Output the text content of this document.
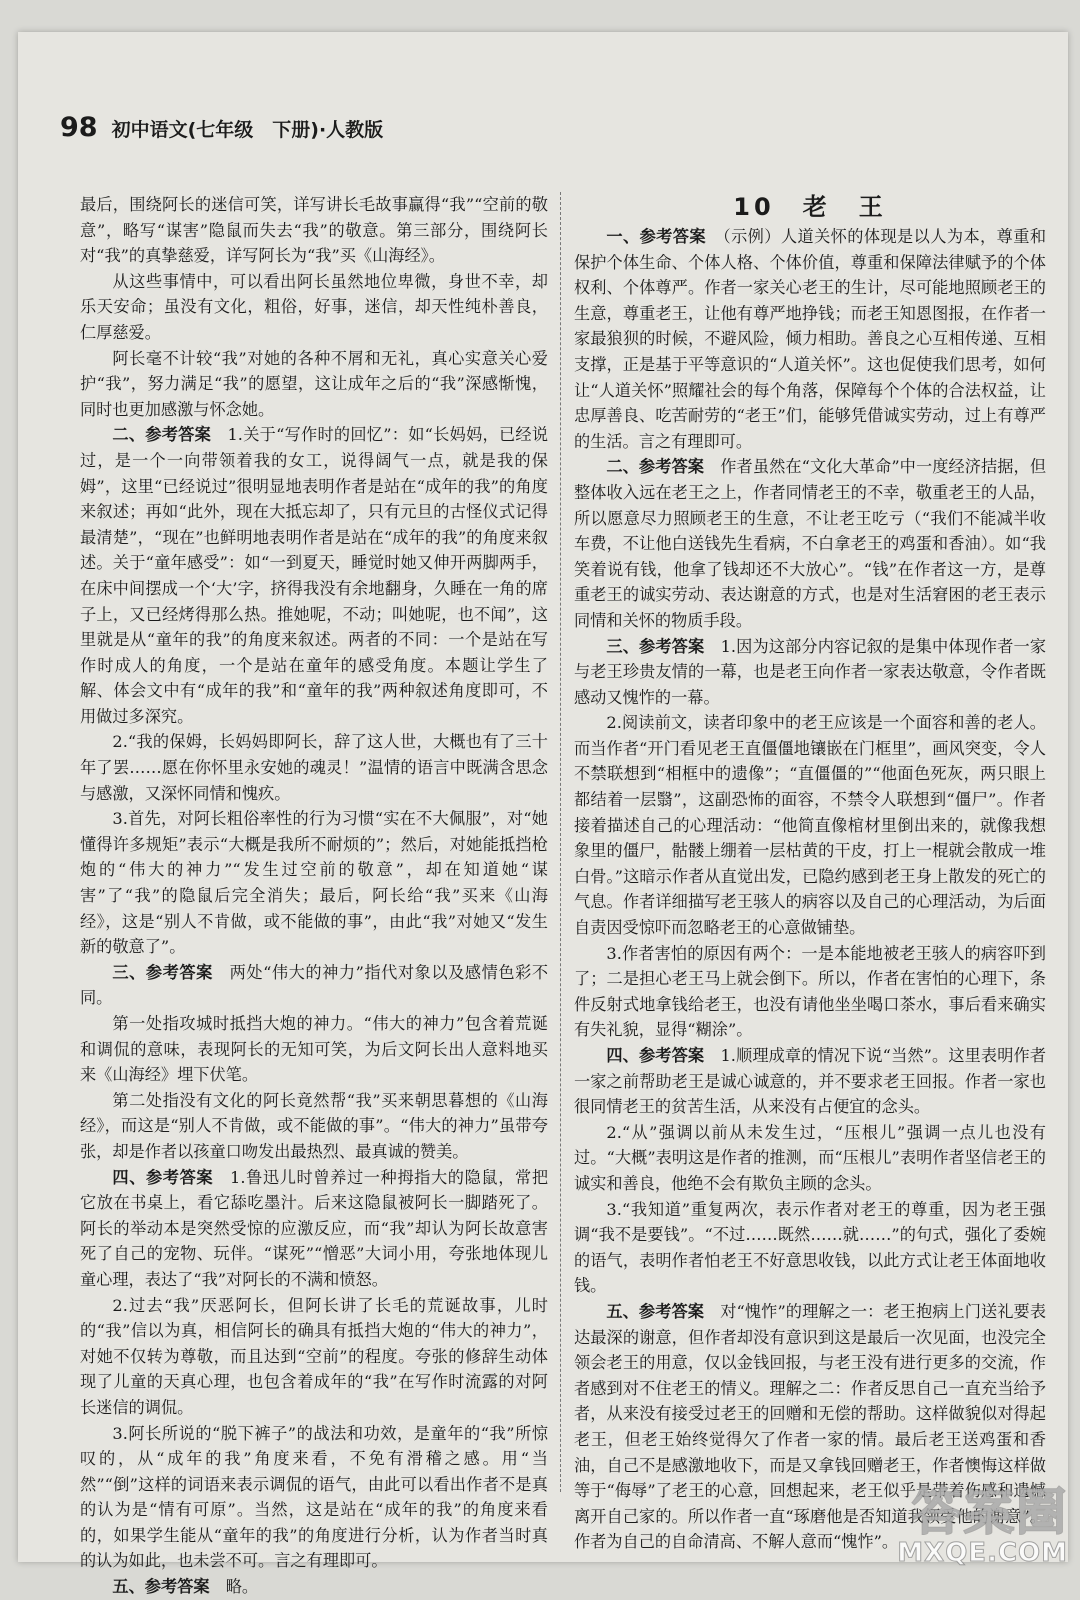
98 初中语文(七年级　下册)·人教版

最后，围绕阿长的迷信可笑，详写讲长毛故事赢得“我”“空前的敬意”，略写“谋害”隐鼠而失去“我”的敬意。第三部分，围绕阿长对“我”的真挚慈爱，详写阿长为“我”买《山海经》。

从这些事情中，可以看出阿长虽然地位卑微，身世不幸，却乐天安命；虽没有文化，粗俗，好事，迷信，却天性纯朴善良，仁厚慈爱。

阿长毫不计较“我”对她的各种不屑和无礼，真心实意关心爱护“我”，努力满足“我”的愿望，这让成年之后的“我”深感惭愧，同时也更加感激与怀念她。

二、参考答案　 1.关于“写作时的回忆”：如“长妈妈，已经说过，是一个一向带领着我的女工，说得阔气一点，就是我的保姆”，这里“已经说过”很明显地表明作者是站在“成年的我”的角度来叙述；再如“此外，现在大抵忘却了，只有元旦的古怪仪式记得最清楚”，“现在”也鲜明地表明作者是站在“成年的我”的角度来叙述。关于“童年感受”：如“一到夏天，睡觉时她又伸开两脚两手，在床中间摆成一个‘大’字，挤得我没有余地翻身，久睡在一角的席子上，又已经烤得那么热。推她呢，不动；叫她呢，也不闻”，这里就是从“童年的我”的角度来叙述。两者的不同：一个是站在写作时成人的角度，一个是站在童年的感受角度。本题让学生了解、体会文中有“成年的我”和“童年的我”两种叙述角度即可，不用做过多深究。

2.“我的保姆，长妈妈即阿长，辞了这人世，大概也有了三十年了罢……愿在你怀里永安她的魂灵！”温情的语言中既满含思念与感激，又深怀同情和愧疚。

3.首先，对阿长粗俗率性的行为习惯“实在不大佩服”，对“她懂得许多规矩”表示“大概是我所不耐烦的”；然后，对她能抵挡枪炮的“伟大的神力”“发生过空前的敬意”，却在知道她“谋害”了“我”的隐鼠后完全消失；最后，阿长给“我”买来《山海经》，这是“别人不肯做，或不能做的事”，由此“我”对她又“发生新的敬意了”。

三、参考答案　 两处“伟大的神力”指代对象以及感情色彩不同。

第一处指攻城时抵挡大炮的神力。“伟大的神力”包含着荒诞和调侃的意味，表现阿长的无知可笑，为后文阿长出人意料地买来《山海经》埋下伏笔。

第二处指没有文化的阿长竟然帮“我”买来朝思暮想的《山海经》，而这是“别人不肯做，或不能做的事”。“伟大的神力”虽带夸张，却是作者以孩童口吻发出最热烈、最真诚的赞美。

四、参考答案　 1.鲁迅儿时曾养过一种拇指大的隐鼠，常把它放在书桌上，看它舔吃墨汁。后来这隐鼠被阿长一脚踏死了。阿长的举动本是突然受惊的应激反应，而“我”却认为阿长故意害死了自己的宠物、玩伴。“谋死”“憎恶”大词小用，夸张地体现儿童心理，表达了“我”对阿长的不满和愤怒。

2.过去“我”厌恶阿长，但阿长讲了长毛的荒诞故事，儿时的“我”信以为真，相信阿长的确具有抵挡大炮的“伟大的神力”，对她不仅转为尊敬，而且达到“空前”的程度。夸张的修辞生动体现了儿童的天真心理，也包含着成年的“我”在写作时流露的对阿长迷信的调侃。

3.阿长所说的“脱下裤子”的战法和功效，是童年的“我”所惊叹的，从“成年的我”角度来看，不免有滑稽之感。用“当然”“倒”这样的词语来表示调侃的语气，由此可以看出作者不是真的认为是“情有可原”。当然，这是站在“成年的我”的角度来看的，如果学生能从“童年的我”的角度进行分析，认为作者当时真的认为如此，也未尝不可。言之有理即可。

五、参考答案　 略。

10　老　王

一、参考答案　 （示例）人道关怀的体现是以人为本，尊重和保护个体生命、个体人格、个体价值，尊重和保障法律赋予的个体权利、个体尊严。作者一家关心老王的生计，尽可能地照顾老王的生意，尊重老王，让他有尊严地挣钱；而老王知恩图报，在作者一家最狼狈的时候，不避风险，倾力相助。善良之心互相传递、互相支撑，正是基于平等意识的“人道关怀”。这也促使我们思考，如何让“人道关怀”照耀社会的每个角落，保障每个个体的合法权益，让忠厚善良、吃苦耐劳的“老王”们，能够凭借诚实劳动，过上有尊严的生活。言之有理即可。

二、参考答案　 作者虽然在“文化大革命”中一度经济拮据，但整体收入远在老王之上，作者同情老王的不幸，敬重老王的人品，所以愿意尽力照顾老王的生意，不让老王吃亏（“我们不能减半收车费，不让他白送钱先生看病，不白拿老王的鸡蛋和香油）。如“我笑着说有钱，他拿了钱却还不大放心”。“钱”在作者这一方，是尊重老王的诚实劳动、表达谢意的方式，也是对生活窘困的老王表示同情和关怀的物质手段。

三、参考答案　 1.因为这部分内容记叙的是集中体现作者一家与老王珍贵友情的一幕，也是老王向作者一家表达敬意，令作者既感动又愧怍的一幕。

2.阅读前文，读者印象中的老王应该是一个面容和善的老人。而当作者“开门看见老王直僵僵地镶嵌在门框里”，画风突变，令人不禁联想到“相框中的遗像”；“直僵僵的”“他面色死灰，两只眼上都结着一层翳”，这副恐怖的面容，不禁令人联想到“僵尸”。作者接着描述自己的心理活动：“他简直像棺材里倒出来的，就像我想象里的僵尸，骷髅上绷着一层枯黄的干皮，打上一棍就会散成一堆白骨。”这暗示作者从直觉出发，已隐约感到老王身上散发的死亡的气息。作者详细描写老王骇人的病容以及自己的心理活动，为后面自责因受惊吓而忽略老王的心意做铺垫。

3.作者害怕的原因有两个：一是本能地被老王骇人的病容吓到了；二是担心老王马上就会倒下。所以，作者在害怕的心理下，条件反射式地拿钱给老王，也没有请他坐坐喝口茶水，事后看来确实有失礼貌，显得“糊涂”。

四、参考答案　 1.顺理成章的情况下说“当然”。这里表明作者一家之前帮助老王是诚心诚意的，并不要求老王回报。作者一家也很同情老王的贫苦生活，从来没有占便宜的念头。

2.“从”强调以前从未发生过，“压根儿”强调一点儿也没有过。“大概”表明这是作者的推测，而“压根儿”表明作者坚信老王的诚实和善良，他绝不会有欺负主顾的念头。

3.“我知道”重复两次，表示作者对老王的尊重，因为老王强调“我不是要钱”。“不过……既然……就……”的句式，强化了委婉的语气，表明作者怕老王不好意思收钱，以此方式让老王体面地收钱。

五、参考答案　 对“愧怍”的理解之一：老王抱病上门送礼要表达最深的谢意，但作者却没有意识到这是最后一次见面，也没完全领会老王的用意，仅以金钱回报，与老王没有进行更多的交流，作者感到对不住老王的情义。理解之二：作者反思自己一直充当给予者，从来没有接受过老王的回赠和无偿的帮助。这样做貌似对得起老王，但老王始终觉得欠了作者一家的情。最后老王送鸡蛋和香油，自己不是感激地收下，而是又拿钱回赠老王，作者懊悔这样做等于“侮辱”了老王的心意，回想起来，老王似乎是带着伤感和遗憾离开自己家的。所以作者一直“琢磨他是否知道我领受他的谢意”。作者为自己的自命清高、不解人意而“愧怍”。

答案圈
MXQE.COM
